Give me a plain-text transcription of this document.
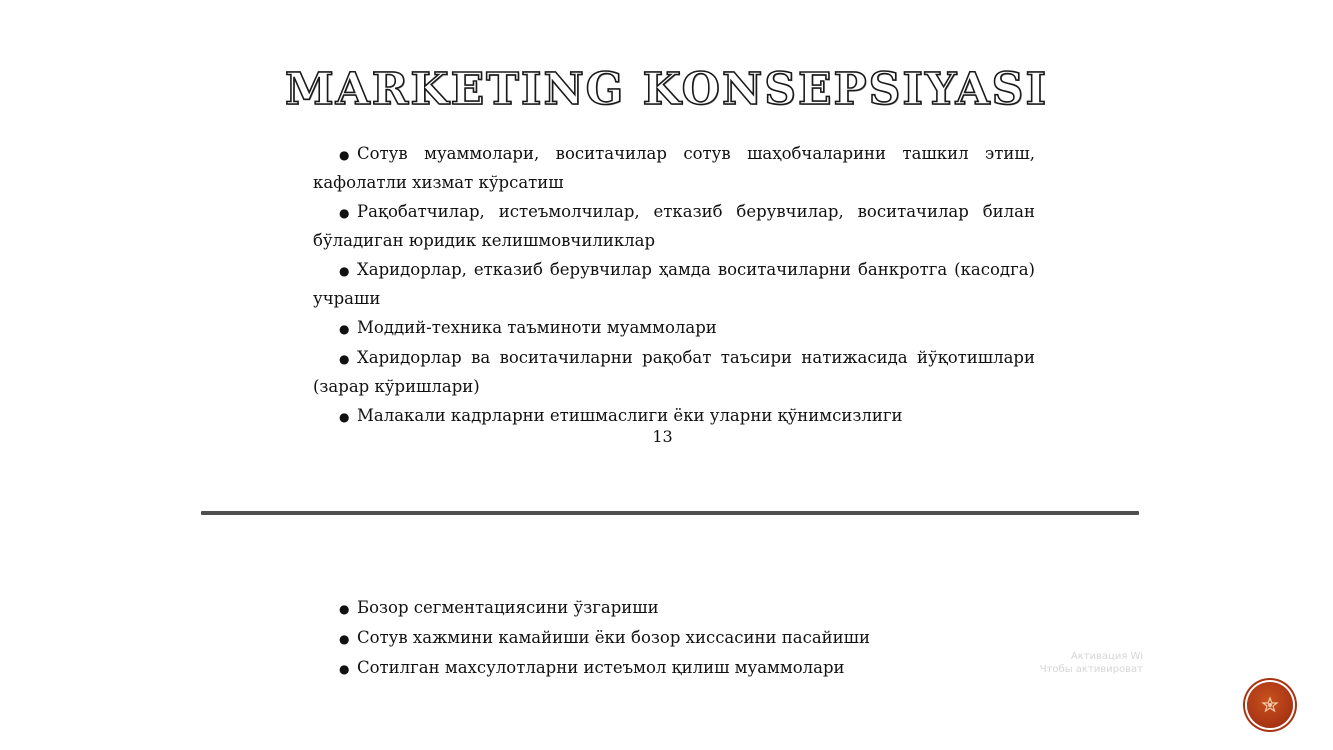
MARKETING KONSEPSIYASI
● Сотув муаммолари, воситачилар сотув шаҳобчаларини ташкил этиш, кафолатли хизмат кўрсатиш
● Рақобатчилар, истеъмолчилар, етказиб берувчилар, воситачилар билан бўладиган юридик келишмовчиликлар
● Харидорлар, етказиб берувчилар ҳамда воситачиларни банкротга (касодга) учраши
● Моддий-техника таъминоти муаммолари
● Харидорлар ва воситачиларни рақобат таъсири натижасида йўқотишлари (зарар кўришлари)
● Малакали кадрларни етишмаслиги ёки уларни қўнимсизлиги
13
● Бозор сегментациясини ўзгариши
● Сотув хажмини камайиши ёки бозор хиссасини пасайиши
● Сотилган махсулотларни истеъмол қилиш муаммолари
Активация Wi
Чтобы активироват
